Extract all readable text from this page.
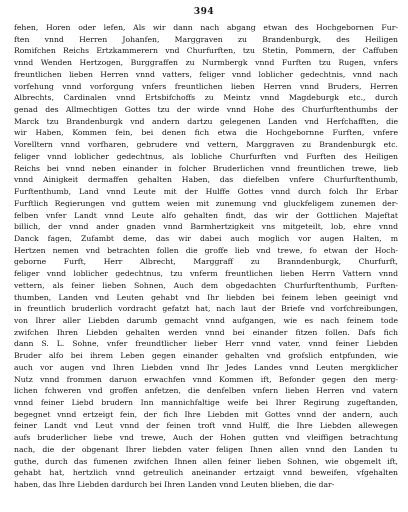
394
fehen, Horen oder lefen, Als wir dann nach abgang etwan des Hochgebornen Fur-
ften vnnd Herren Johanfen, Marggraven zu Brandenburgk, des Heiligen
Romifchen Reichs Ertzkammerern vnd Churfurften, tzu Stetin, Pommern, der Caffuben
vnnd Wenden Hertzogen, Burggraffen zu Nurmbergk vnnd Furften tzu Rugen, vnfers
freuntlichen lieben Herren vnnd vatters, feliger vnnd loblicher gedechtnis, vnnd nach
vorfehung vnnd vorforgung vnfers freuntlichen lieben Herren vnnd Bruders, Herren
Albrechts, Cardinalen vnnd Ertsbifchoffs zu Meintz vnnd Magdeburgk etc., durch
genad des Allmechtigen Gottes tzu der wirde vnnd Hohe des Churfurftenthumbs der
Marck tzu Brandenburgk vnd andern dartzu gelegenen Landen vnd Herfchafften, die
wir Haben, Kommen fein, bei denen fich etwa die Hochgebornne Furften, vnfere
Vorelltern vnnd vorfharen, gebrudere vnd vettern, Marggraven zu Brandenburgk etc.
feliger vnnd loblicher gedechtnus, als lobliche Churfurften vnd Furften des Heiligen
Reichs bei vnnd neben einander in folcher Bruderlichen vnnd freuntlichen trewe, lieb
vnnd Ainigkeit dermaffen gehalten Haben, das diefelben vnfere Churfurftenthumb,
Furftenthumb, Land vnnd Leute mit der Hulffe Gottes vnnd durch folch Ihr Erbar
Furftlich Regierungen vnd guttem weien mit zunemung vnd gluckfeligem zunemen der-
felben vnfer Landt vnnd Leute alfo gehalten findt, das wir der Gottlichen Majeftat
billich, der vnnd ander gnaden vnnd Barmhertzigkeit vns mitgeteilt, lob, ehre vnnd
Danck fagen, Zufambt deme, das wir dabei auch moglich vor augen Halten, m
Hertzen nemen vnd betrachten follen die groffe lieb vnd trewe, fo etwan der Hoch-
geborne Furft, Herr Albrecht, Marggraff zu Branndenburgk, Churfurft,
feliger vnnd loblicher gedechtnus, tzu vnferm freuntlichen lieben Herrn Vattern vnnd
vettern, als feiner lieben Sohnen, Auch dem obgedachten Churfurftenthumb, Furften-
thumben, Landen vnd Leuten gehabt vnd Ihr liebden bei feinem leben geeinigt vnd
in freuntlich bruderlich vordracht gefatzt hat, nach laut der Briefe vnd vorfchreibungen,
von Ihrer aller Liebden darumb gemacht vnnd aufgangen, wie es nach feinem tode
zwifchen Ihren Liebden gehalten werden vnnd bei einander fitzen follen. Dafs fich
dann S. L. Sohne, vnfer freundtlicher lieber Herr vnnd vater, vnnd feiner Liebden
Bruder alfo bei ihrem Leben gegen einander gehalten vnd grofslich entpfunden, wie
auch vor augen vnd Ihren Liebden vnnd Ihr Jedes Landes vnnd Leuten mergklicher
Nutz vnnd frommen daruon erwachfen vnnd Kommen ift, Befonder gegen den merg-
lichen fchweren vnd groffen anfetzen, die denfelben vnfern lieben Herren vnd vatern
vnnd feiner Liebd brudern Inn mannichfaltige weife bei Ihrer Regirung zugeftanden,
begegnet vnnd ertzeigt fein, der fich Ihre Liebden mit Gottes vnnd der andern, auch
feiner Landt vnd Leut vnnd der feinen troft vnnd Hulff, die Ihre Liebden allewegen
aufs bruderlicher liebe vnd trewe, Auch der Hohen gutten vnd vleiffigen betrachtung
nach, die der obgenant Ihrer liebden vater feligen Ihnen allen vnnd den Landen tu
guthe, durch das fumenen zwifchen Ihnen allen feiner lieben Sohnen, wie obgemelt ift,
gehabt hat, hertzlich vnnd getreulich aneinander ertzaigt vnnd beweifen, vfgehalten
haben, das Ihre Liebden dardurch bei Ihren Landen vnnd Leuten blieben, die dar-
